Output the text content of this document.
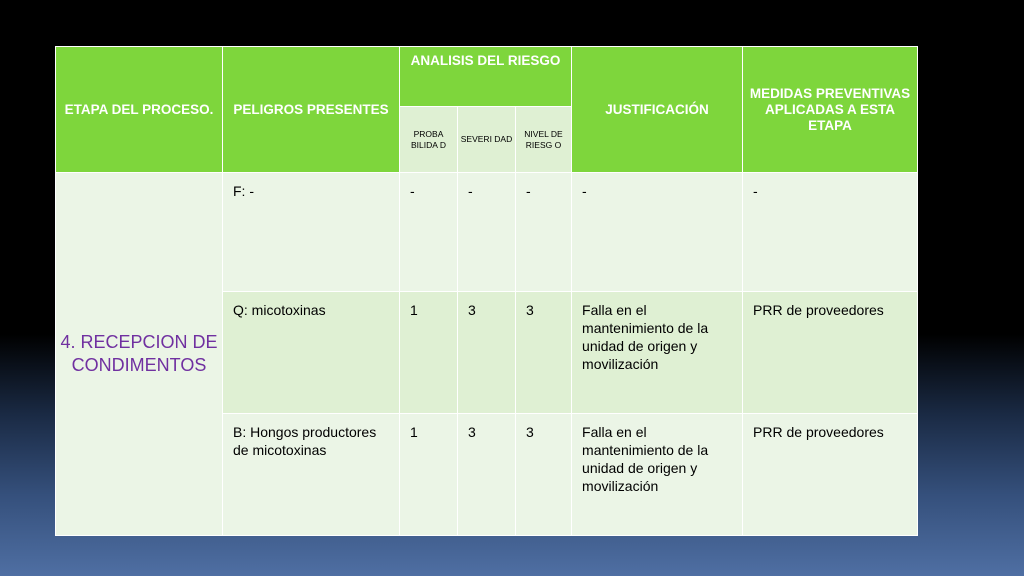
ETAPA DEL PROCESO.	PELIGROS PRESENTES	ANALISIS DEL RIESGO			JUSTIFICACIÓN	MEDIDAS PREVENTIVAS APLICADAS A ESTA ETAPA
		PROBA BILIDA D	SEVERI DAD	NIVEL DE RIESG O		
4. RECEPCION DE CONDIMENTOS	F: -	-	-	-	-	-
	Q: micotoxinas	1	3	3	Falla en el mantenimiento de la unidad de origen y movilización	PRR de proveedores
	B: Hongos productores de micotoxinas	1	3	3	Falla en el mantenimiento de la unidad de origen y movilización	PRR de proveedores
